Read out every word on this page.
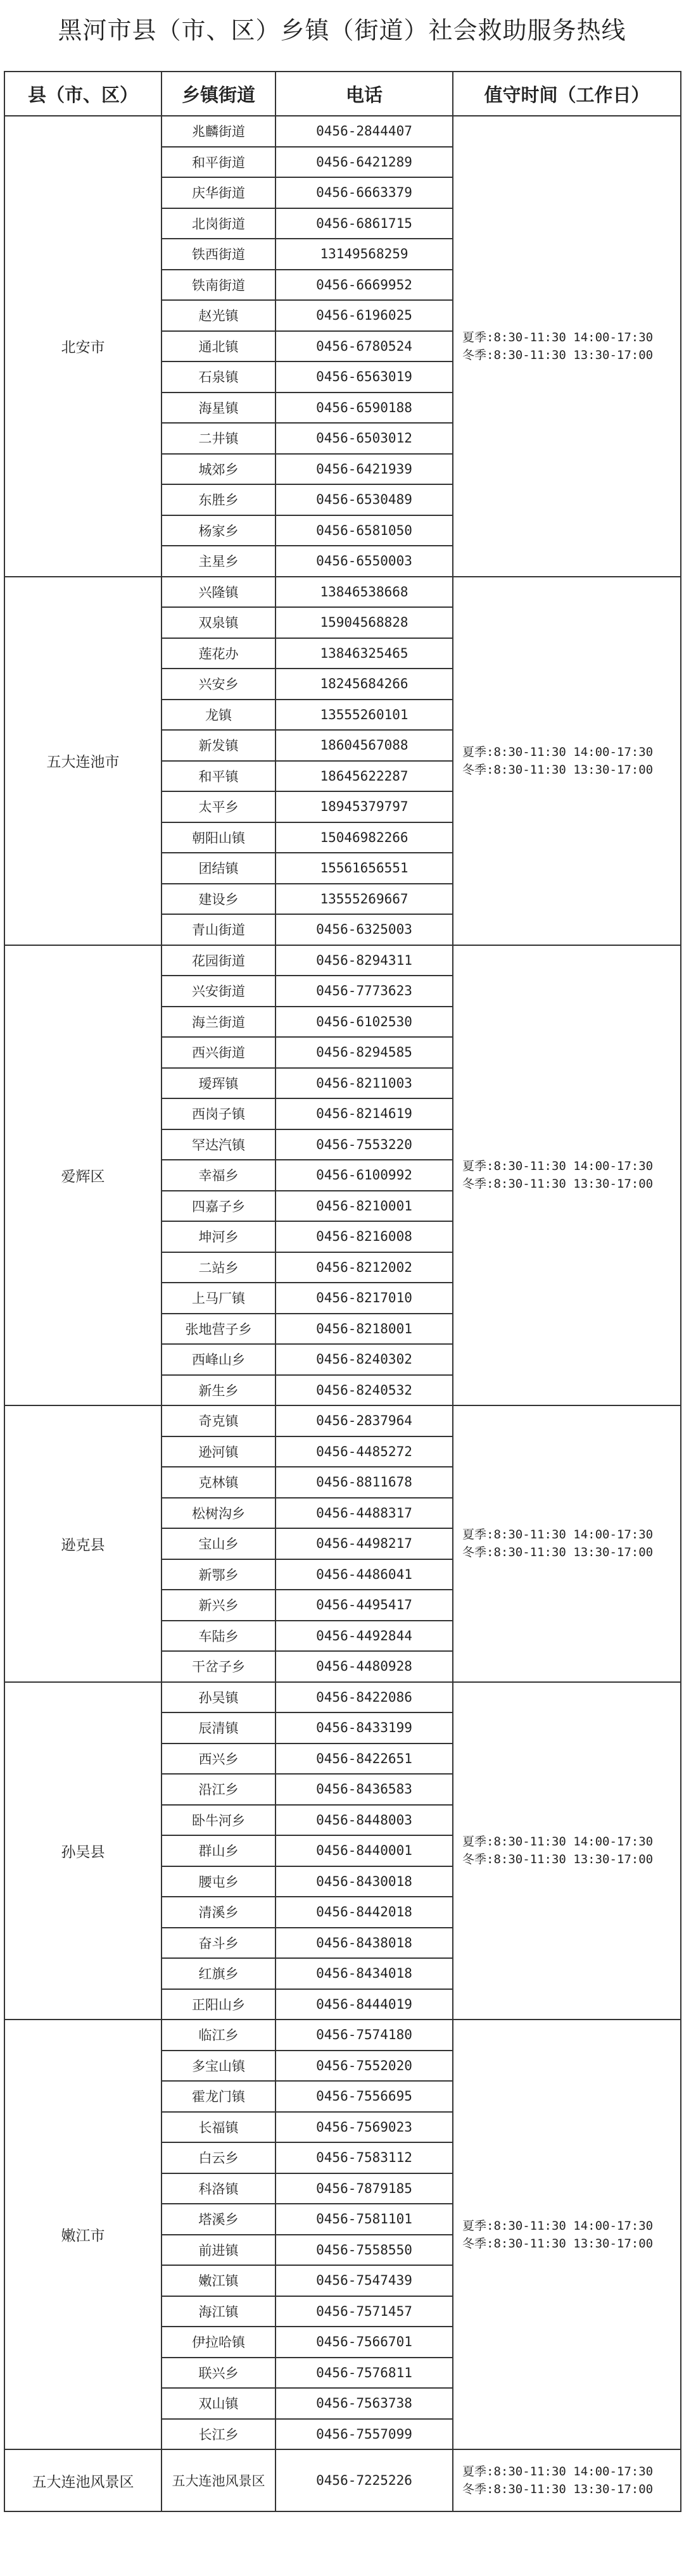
黑河市县（市、区）乡镇（街道）社会救助服务热线
县（市、区）	乡镇街道	电话	值守时间（工作日）
北安市	兆麟街道	0456-2844407	夏季:8:30-11:30 14:00-17:30
冬季:8:30-11:30 13:30-17:00

	和平街道	0456-6421289	
	庆华街道	0456-6663379	
	北岗街道	0456-6861715	
	铁西街道	13149568259	
	铁南街道	0456-6669952	
	赵光镇	0456-6196025	
	通北镇	0456-6780524	
	石泉镇	0456-6563019	
	海星镇	0456-6590188	
	二井镇	0456-6503012	
	城郊乡	0456-6421939	
	东胜乡	0456-6530489	
	杨家乡	0456-6581050	
	主星乡	0456-6550003	
五大连池市	兴隆镇	13846538668	夏季:8:30-11:30 14:00-17:30
冬季:8:30-11:30 13:30-17:00

	双泉镇	15904568828	
	莲花办	13846325465	
	兴安乡	18245684266	
	龙镇	13555260101	
	新发镇	18604567088	
	和平镇	18645622287	
	太平乡	18945379797	
	朝阳山镇	15046982266	
	团结镇	15561656551	
	建设乡	13555269667	
	青山街道	0456-6325003	
爱辉区	花园街道	0456-8294311	夏季:8:30-11:30 14:00-17:30
冬季:8:30-11:30 13:30-17:00

	兴安街道	0456-7773623	
	海兰街道	0456-6102530	
	西兴街道	0456-8294585	
	瑷珲镇	0456-8211003	
	西岗子镇	0456-8214619	
	罕达汽镇	0456-7553220	
	幸福乡	0456-6100992	
	四嘉子乡	0456-8210001	
	坤河乡	0456-8216008	
	二站乡	0456-8212002	
	上马厂镇	0456-8217010	
	张地营子乡	0456-8218001	
	西峰山乡	0456-8240302	
	新生乡	0456-8240532	
逊克县	奇克镇	0456-2837964	夏季:8:30-11:30 14:00-17:30
冬季:8:30-11:30 13:30-17:00

	逊河镇	0456-4485272	
	克林镇	0456-8811678	
	松树沟乡	0456-4488317	
	宝山乡	0456-4498217	
	新鄂乡	0456-4486041	
	新兴乡	0456-4495417	
	车陆乡	0456-4492844	
	干岔子乡	0456-4480928	
孙吴县	孙吴镇	0456-8422086	夏季:8:30-11:30 14:00-17:30
冬季:8:30-11:30 13:30-17:00

	辰清镇	0456-8433199	
	西兴乡	0456-8422651	
	沿江乡	0456-8436583	
	卧牛河乡	0456-8448003	
	群山乡	0456-8440001	
	腰屯乡	0456-8430018	
	清溪乡	0456-8442018	
	奋斗乡	0456-8438018	
	红旗乡	0456-8434018	
	正阳山乡	0456-8444019	
嫩江市	临江乡	0456-7574180	夏季:8:30-11:30 14:00-17:30
冬季:8:30-11:30 13:30-17:00

	多宝山镇	0456-7552020	
	霍龙门镇	0456-7556695	
	长福镇	0456-7569023	
	白云乡	0456-7583112	
	科洛镇	0456-7879185	
	塔溪乡	0456-7581101	
	前进镇	0456-7558550	
	嫩江镇	0456-7547439	
	海江镇	0456-7571457	
	伊拉哈镇	0456-7566701	
	联兴乡	0456-7576811	
	双山镇	0456-7563738	
	长江乡	0456-7557099	
五大连池风景区	五大连池风景区	0456-7225226	夏季:8:30-11:30 14:00-17:30
冬季:8:30-11:30 13:30-17:00
